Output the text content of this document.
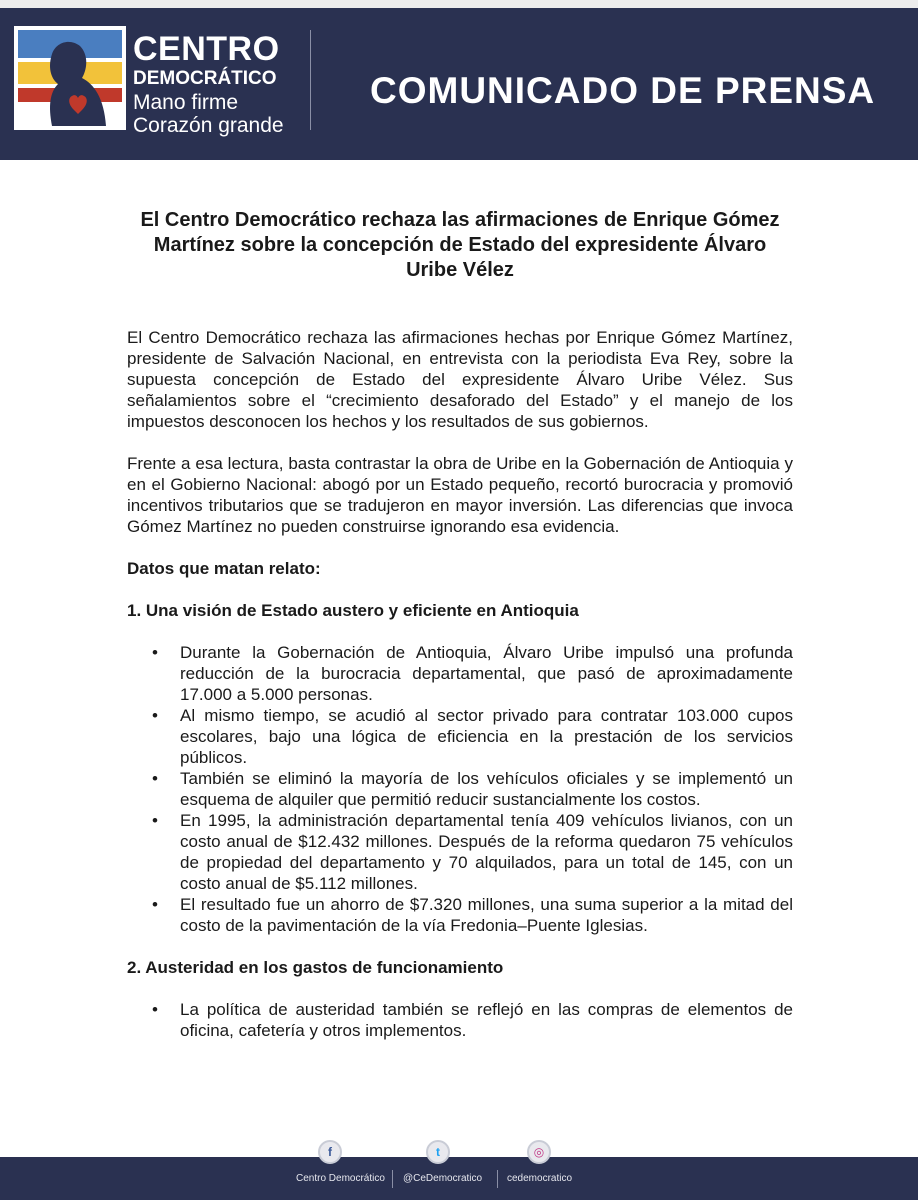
CENTRO
DEMOCRÁTICO
Mano firme
Corazón grande
COMUNICADO DE PRENSA
El Centro Democrático rechaza las afirmaciones de Enrique Gómez Martínez sobre la concepción de Estado del expresidente Álvaro Uribe Vélez

El Centro Democrático rechaza las afirmaciones hechas por Enrique Gómez Martínez, presidente de Salvación Nacional, en entrevista con la periodista Eva Rey, sobre la supuesta concepción de Estado del expresidente Álvaro Uribe Vélez. Sus señalamientos sobre el “crecimiento desaforado del Estado” y el manejo de los impuestos desconocen los hechos y los resultados de sus gobiernos.

Frente a esa lectura, basta contrastar la obra de Uribe en la Gobernación de Antioquia y en el Gobierno Nacional: abogó por un Estado pequeño, recortó burocracia y promovió incentivos tributarios que se tradujeron en mayor inversión. Las diferencias que invoca Gómez Martínez no pueden construirse ignorando esa evidencia.

Datos que matan relato:

1. Una visión de Estado austero y eficiente en Antioquia

• Durante la Gobernación de Antioquia, Álvaro Uribe impulsó una profunda reducción de la burocracia departamental, que pasó de aproximadamente 17.000 a 5.000 personas.
• Al mismo tiempo, se acudió al sector privado para contratar 103.000 cupos escolares, bajo una lógica de eficiencia en la prestación de los servicios públicos.
• También se eliminó la mayoría de los vehículos oficiales y se implementó un esquema de alquiler que permitió reducir sustancialmente los costos.
• En 1995, la administración departamental tenía 409 vehículos livianos, con un costo anual de $12.432 millones. Después de la reforma quedaron 75 vehículos de propiedad del departamento y 70 alquilados, para un total de 145, con un costo anual de $5.112 millones.
• El resultado fue un ahorro de $7.320 millones, una suma superior a la mitad del costo de la pavimentación de la vía Fredonia–Puente Iglesias.

2. Austeridad en los gastos de funcionamiento

• La política de austeridad también se reflejó en las compras de elementos de oficina, cafetería y otros implementos.
f	t	◎
Centro Democrático @CeDemocratico cedemocratico
